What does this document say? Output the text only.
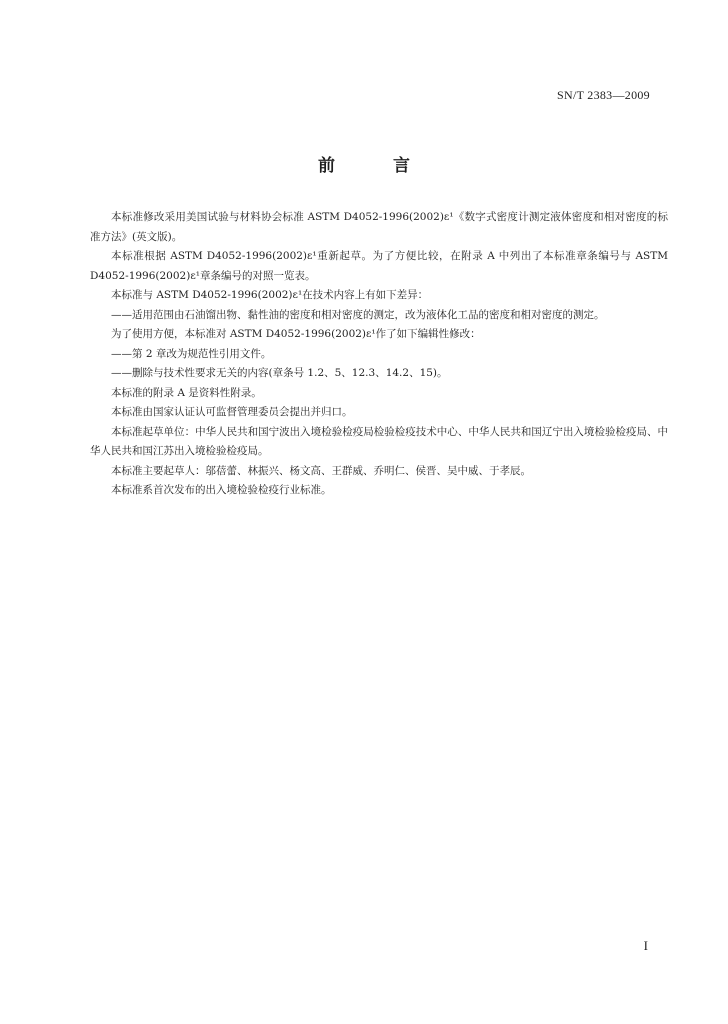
SN/T 2383—2009
前 言

本标准修改采用美国试验与材料协会标准 ASTM D4052-1996(2002)ε¹《数字式密度计测定液体密度和相对密度的标准方法》(英文版)。

本标准根据 ASTM D4052-1996(2002)ε¹重新起草。为了方便比较，在附录 A 中列出了本标准章条编号与 ASTM D4052-1996(2002)ε¹章条编号的对照一览表。

本标准与 ASTM D4052-1996(2002)ε¹在技术内容上有如下差异：

——适用范围由石油馏出物、黏性油的密度和相对密度的测定，改为液体化工品的密度和相对密度的测定。

为了使用方便，本标准对 ASTM D4052-1996(2002)ε¹作了如下编辑性修改：

——第 2 章改为规范性引用文件。

——删除与技术性要求无关的内容(章条号 1.2、5、12.3、14.2、15)。

本标准的附录 A 是资料性附录。

本标准由国家认证认可监督管理委员会提出并归口。

本标准起草单位：中华人民共和国宁波出入境检验检疫局检验检疫技术中心、中华人民共和国辽宁出入境检验检疫局、中华人民共和国江苏出入境检验检疫局。

本标准主要起草人：邬蓓蕾、林振兴、杨文高、王群威、乔明仁、侯晋、吴中威、于孝辰。

本标准系首次发布的出入境检验检疫行业标准。

I
